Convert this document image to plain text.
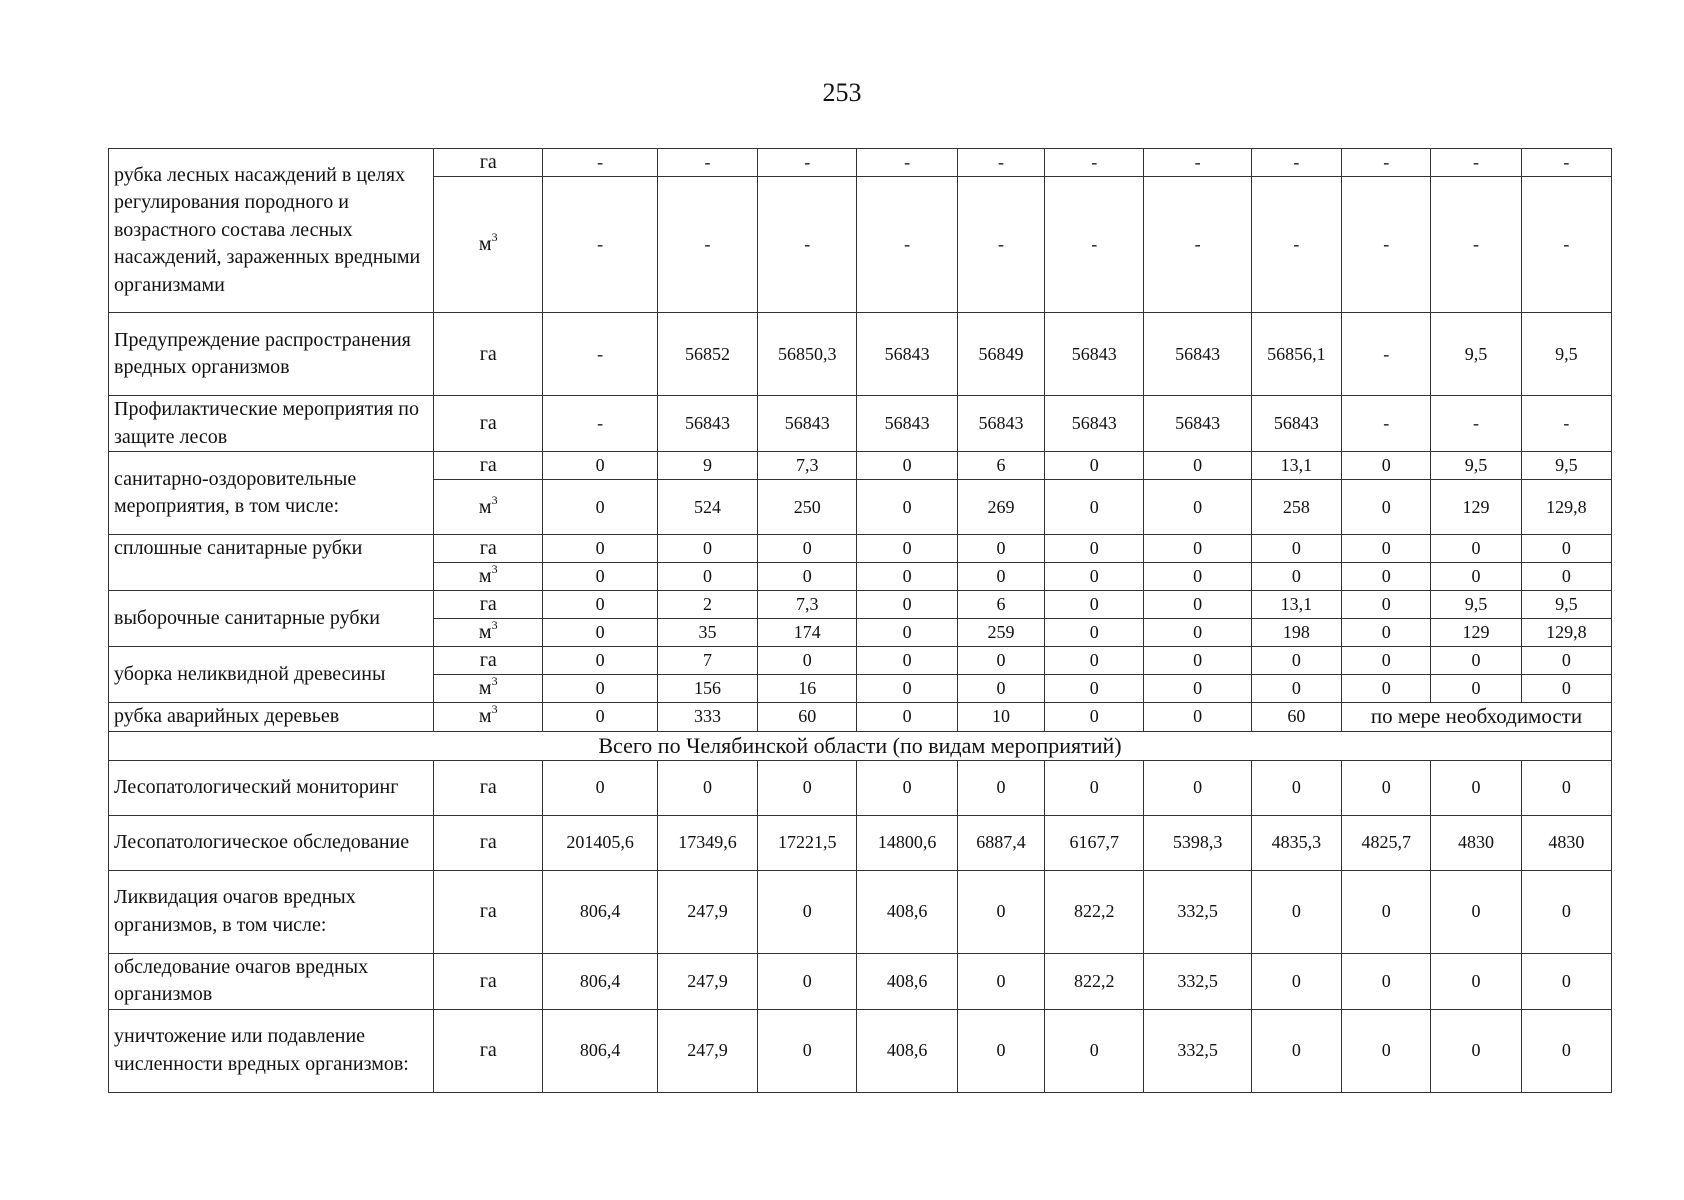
253
рубка лесных насаждений в целях регулирования породного и возрастного состава лесных насаждений, зараженных вредными организмами	га	-	-	-	-	-	-	-	-	-	-	-
	$м^3$	-	-	-	-	-	-	-	-	-	-	-
Предупреждение распространения вредных организмов	га	-	56852	56850,3	56843	56849	56843	56843	56856,1	-	9,5	9,5
Профилактические мероприятия по защите лесов	га	-	56843	56843	56843	56843	56843	56843	56843	-	-	-
санитарно-оздоровительные мероприятия, в том числе:	га	0	9	7,3	0	6	0	0	13,1	0	9,5	9,5
	$м^3$	0	524	250	0	269	0	0	258	0	129	129,8
сплошные санитарные рубки	га	0	0	0	0	0	0	0	0	0	0	0
	$м^3$	0	0	0	0	0	0	0	0	0	0	0
выборочные санитарные рубки	га	0	2	7,3	0	6	0	0	13,1	0	9,5	9,5
	$м^3$	0	35	174	0	259	0	0	198	0	129	129,8
уборка неликвидной древесины	га	0	7	0	0	0	0	0	0	0	0	0
	$м^3$	0	156	16	0	0	0	0	0	0	0	0
рубка аварийных деревьев	$м^3$	0	333	60	0	10	0	0	60	по мере необходимости		
Всего по Челябинской области (по видам мероприятий)												
Лесопатологический мониторинг	га	0	0	0	0	0	0	0	0	0	0	0
Лесопатологическое обследование	га	201405,6	17349,6	17221,5	14800,6	6887,4	6167,7	5398,3	4835,3	4825,7	4830	4830
Ликвидация очагов вредных организмов, в том числе:	га	806,4	247,9	0	408,6	0	822,2	332,5	0	0	0	0
обследование очагов вредных организмов	га	806,4	247,9	0	408,6	0	822,2	332,5	0	0	0	0
уничтожение или подавление численности вредных организмов:	га	806,4	247,9	0	408,6	0	0	332,5	0	0	0	0
